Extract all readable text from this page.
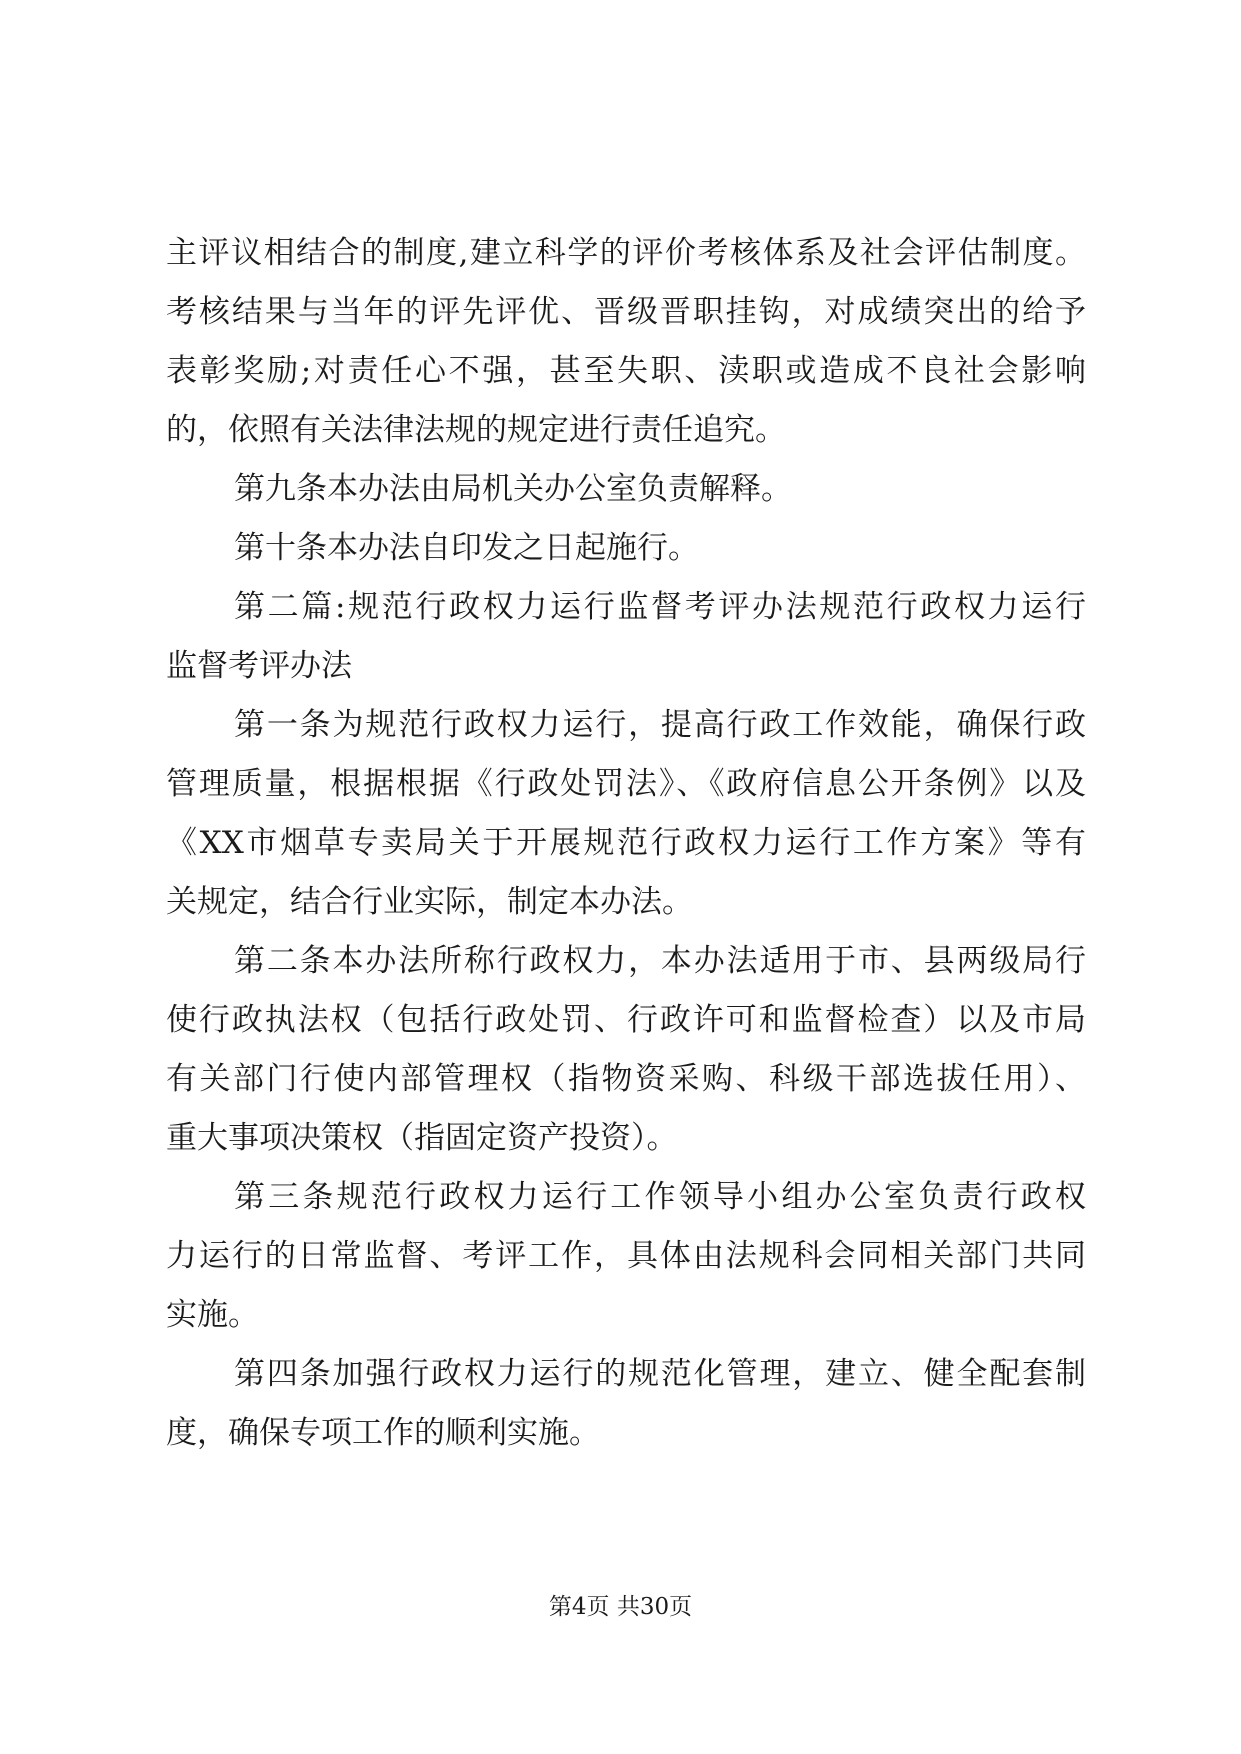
主评议相结合的制度,建立科学的评价考核体系及社会评估制度。
考核结果与当年的评先评优、晋级晋职挂钩，对成绩突出的给予
表彰奖励;对责任心不强，甚至失职、渎职或造成不良社会影响
的，依照有关法律法规的规定进行责任追究。
第九条本办法由局机关办公室负责解释。
第十条本办法自印发之日起施行。
第二篇:规范行政权力运行监督考评办法规范行政权力运行
监督考评办法
第一条为规范行政权力运行，提高行政工作效能，确保行政
管理质量，根据根据《行政处罚法》、《政府信息公开条例》以及
《XX市烟草专卖局关于开展规范行政权力运行工作方案》等有
关规定，结合行业实际，制定本办法。
第二条本办法所称行政权力，本办法适用于市、县两级局行
使行政执法权（包括行政处罚、行政许可和监督检查）以及市局
有关部门行使内部管理权（指物资采购、科级干部选拔任用）、
重大事项决策权（指固定资产投资）。
第三条规范行政权力运行工作领导小组办公室负责行政权
力运行的日常监督、考评工作，具体由法规科会同相关部门共同
实施。
第四条加强行政权力运行的规范化管理，建立、健全配套制
度，确保专项工作的顺利实施。
第4页 共30页
